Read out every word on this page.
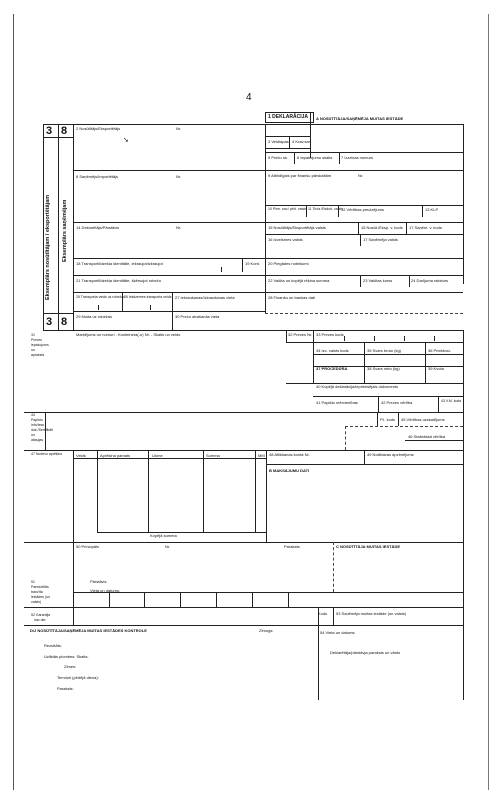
4
A NOSŪTĪTĀJA/SAŅĒMĒJA MUITAS IESTĀDE
1 DEKLARĀCIJA
3 8
3 8
Eksemplārs nosūtītājam / eksportētājam Eksemplārs saņēmējam
2 Nosūtītājs/Eksportētājs	Nr.
➘	3 Veidlapas 4 Krav.sar.
5 Preču sk. 6 Iepakojumu skaits 7 Uzziņas numurs
8 Saņēmējs/Importētājs	Nr.	9 Atbildīgais par finanšu pārskaitām	Nr.
10 Pirm. sav./ pēd. valsts 11 Tirdz./Ražoš. valsts
12 Vērtības precizējums	13 KLP
14 Deklarētājs/Pārstāvis	Nr.	15 Nosūtītājs/Eksportētājs valsts	15 Nosūt./Eksp. v. kods 17 Saņēm. v. kods
16 Izcelsmes valsts	17 Saņēmēja valsts
18 Transportlīdzekļa identitāte, iekraujot/izkraujot	19 Kont. 20 Piegādes noteikumi
21 Transportlīdzekļa identitāte, šķērsojot robežu	22 Valūta un kopējā rēķina summa	23 Valūtas kurss	24 Darījuma raksturs
25 Transporta veids uz robežas 26 Iekšzemes transporta veids 27 Iekraušanas/Izkraušanas vieta	28 Finanšu un bankas dati
29 Muita uz robežas	30 Preču atrašanās vieta
31 Preces iepakojums un apraksts
Marķējums un numuri - Konteinera(-u) Nr. - Skaits un veids	32 Preces Nr. 33 Preces kods
34 Izc. valsts kods	35 Svars bruto (kg)	36 Priekšroc.
37 PROCEDŪRA	38 Svars neto (kg)	39 Kvota
40 Kopējā deklarācija/iepriekšējais dokuments
41 Papildu mērvienības	42 Preces vērtība	43 V.M. kods
44 Papildu info/Iesn. dok./Sertifikāti un atļaujas
P.I. kods 45 Vērtības uzskaitījums
46 Statistiskā vērtība
47 Nodevu aprēķins	Veids	Aprēķina pamats	Likme	Summa	MM
Kopējā summa
48 Atlikšanas konta Nr.	49 Noliktavas apzīmējums
B MAKSĀJUMU DATI
50 Principāls	Nr.	Paraksts:	C NOSŪTĪTĀJA MUITAS IESTĀDE
51 Paredzētās tranzīta iestādes (un valsts)
Pārstāvis
Vieta un datums:
52 Garantija
nav der.
Kods 53 Saņēmēja muitas iestāde (un valsts)
D/J NOSŪTĪTĀJA/SAŅĒMĒJA MUITAS IESTĀDES KONTROLE	Zīmogs:	54 Vieta un datums:
Deklarētāja/pārstāvja paraksts un vārds
Rezultāts:
Uzliktās plombes: Skaits:
Zīmes:
Termiņš (pēdējā diena):
Paraksts:
